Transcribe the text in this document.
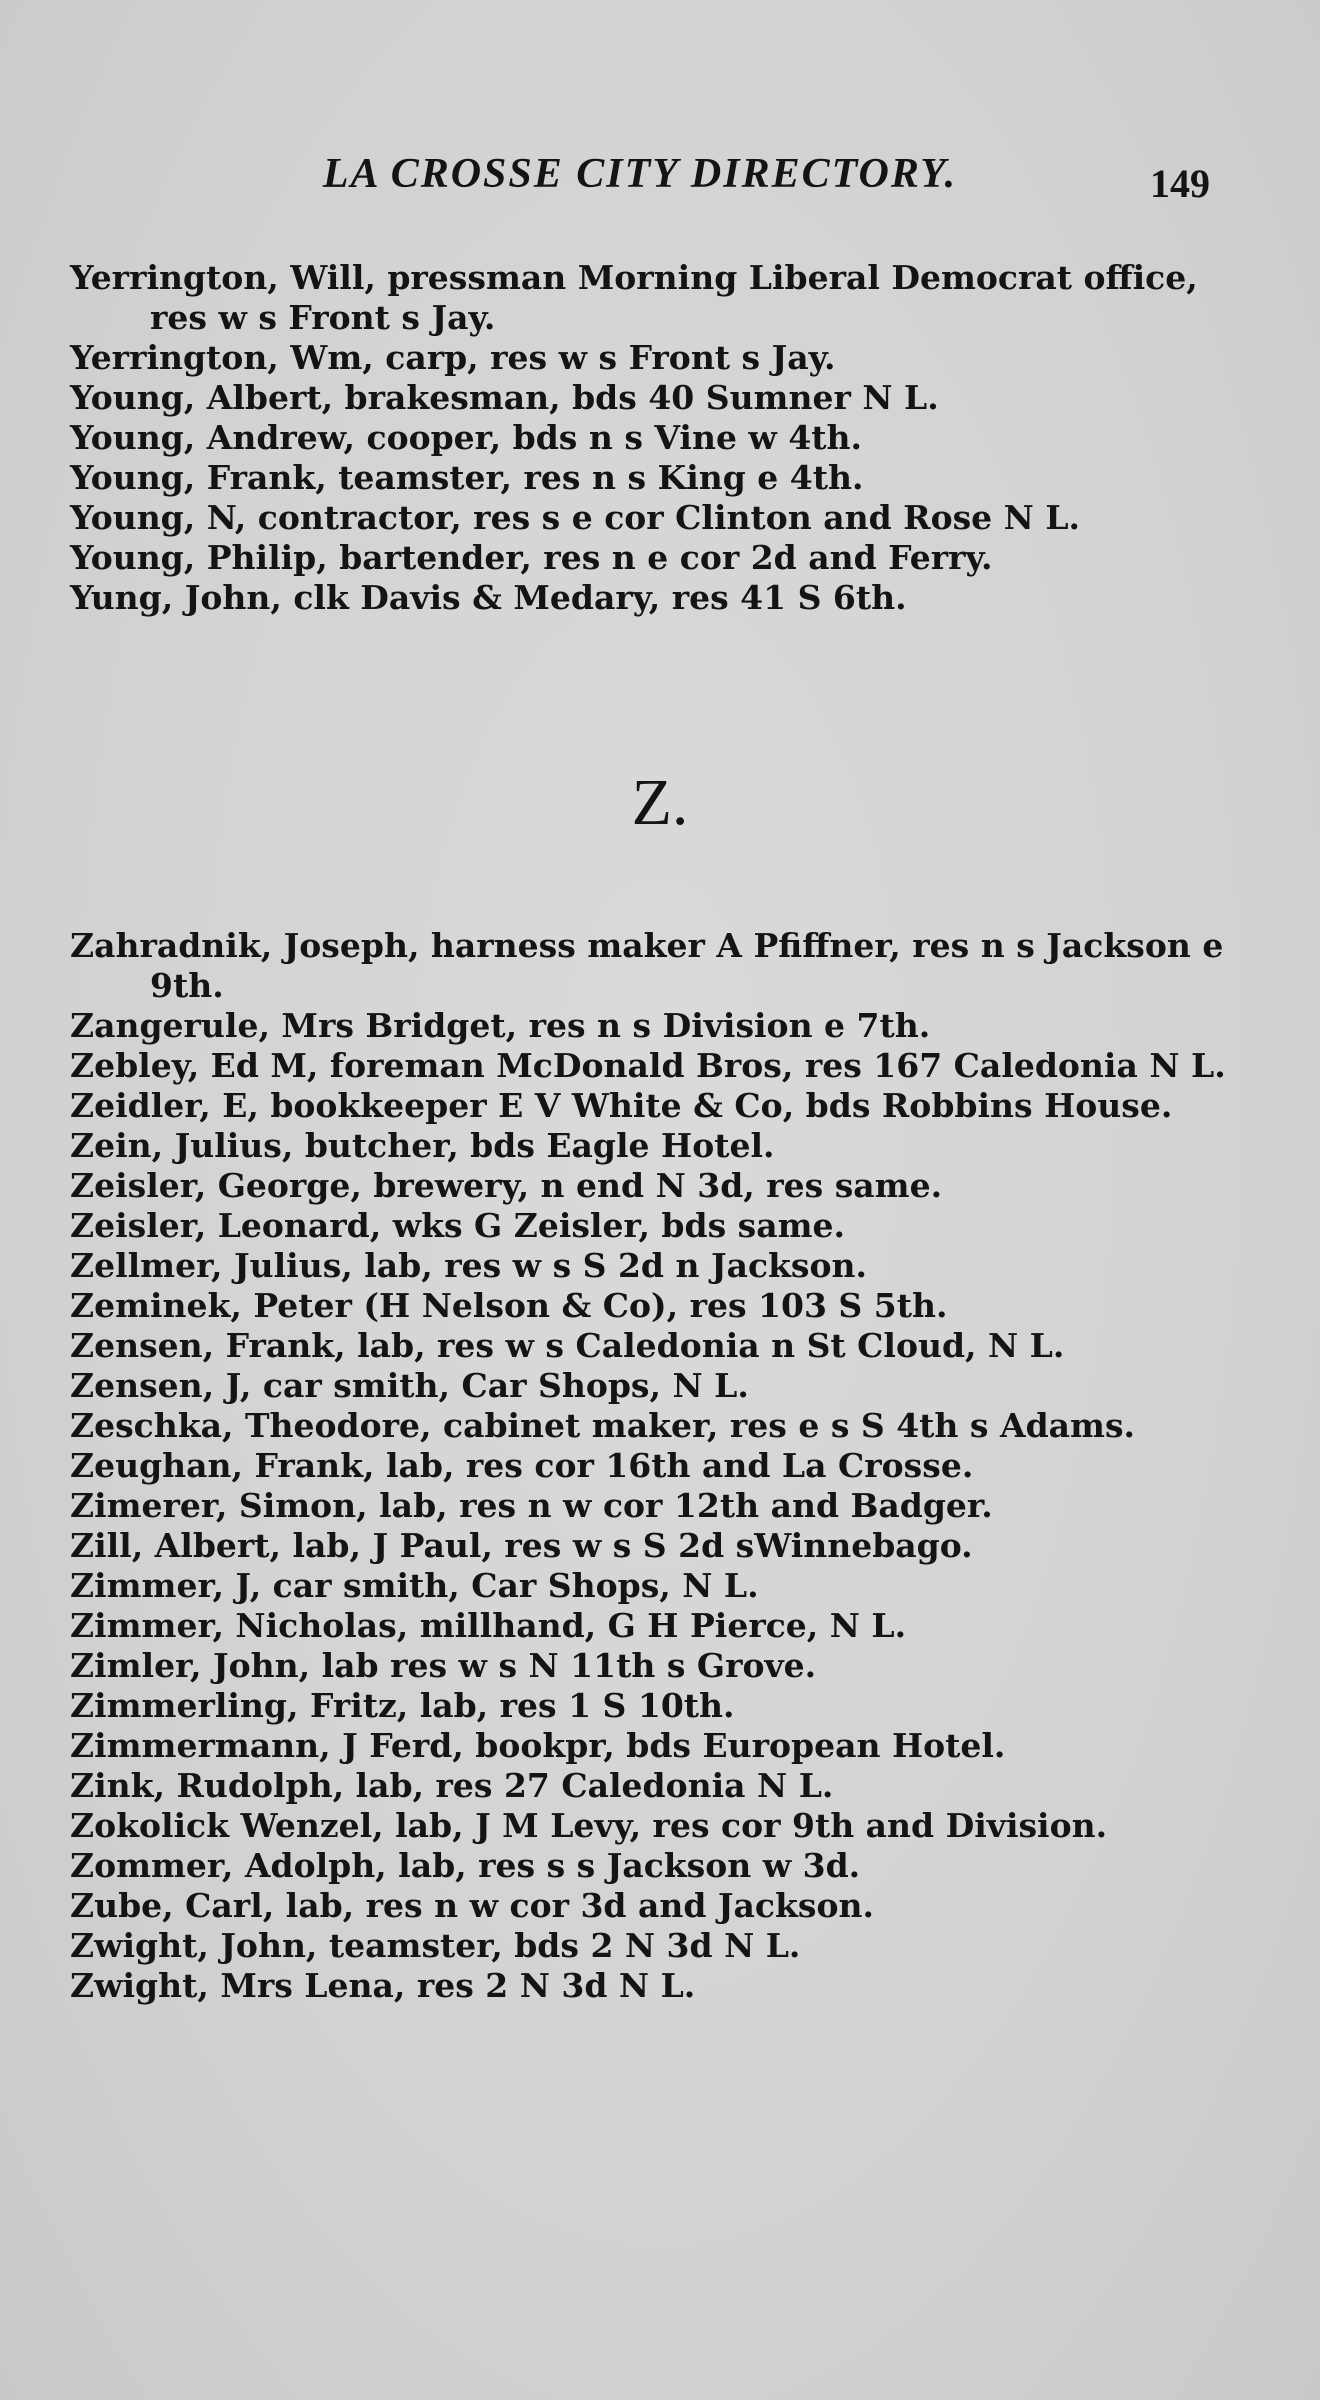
LA CROSSE CITY DIRECTORY.	149
Yerrington, Will, pressman Morning Liberal Democrat office, res w s Front s Jay.
Yerrington, Wm, carp, res w s Front s Jay.
Young, Albert, brakesman, bds 40 Sumner N L.
Young, Andrew, cooper, bds n s Vine w 4th.
Young, Frank, teamster, res n s King e 4th.
Young, N, contractor, res s e cor Clinton and Rose N L.
Young, Philip, bartender, res n e cor 2d and Ferry.
Yung, John, clk Davis & Medary, res 41 S 6th.
Z.
Zahradnik, Joseph, harness maker A Pfiffner, res n s Jackson e 9th.
Zangerule, Mrs Bridget, res n s Division e 7th.
Zebley, Ed M, foreman McDonald Bros, res 167 Caledonia N L.
Zeidler, E, bookkeeper E V White & Co, bds Robbins House.
Zein, Julius, butcher, bds Eagle Hotel.
Zeisler, George, brewery, n end N 3d, res same.
Zeisler, Leonard, wks G Zeisler, bds same.
Zellmer, Julius, lab, res w s S 2d n Jackson.
Zeminek, Peter (H Nelson & Co), res 103 S 5th.
Zensen, Frank, lab, res w s Caledonia n St Cloud, N L.
Zensen, J, car smith, Car Shops, N L.
Zeschka, Theodore, cabinet maker, res e s S 4th s Adams.
Zeughan, Frank, lab, res cor 16th and La Crosse.
Zimerer, Simon, lab, res n w cor 12th and Badger.
Zill, Albert, lab, J Paul, res w s S 2d sWinnebago.
Zimmer, J, car smith, Car Shops, N L.
Zimmer, Nicholas, millhand, G H Pierce, N L.
Zimler, John, lab res w s N 11th s Grove.
Zimmerling, Fritz, lab, res 1 S 10th.
Zimmermann, J Ferd, bookpr, bds European Hotel.
Zink, Rudolph, lab, res 27 Caledonia N L.
Zokolick Wenzel, lab, J M Levy, res cor 9th and Division.
Zommer, Adolph, lab, res s s Jackson w 3d.
Zube, Carl, lab, res n w cor 3d and Jackson.
Zwight, John, teamster, bds 2 N 3d N L.
Zwight, Mrs Lena, res 2 N 3d N L.
